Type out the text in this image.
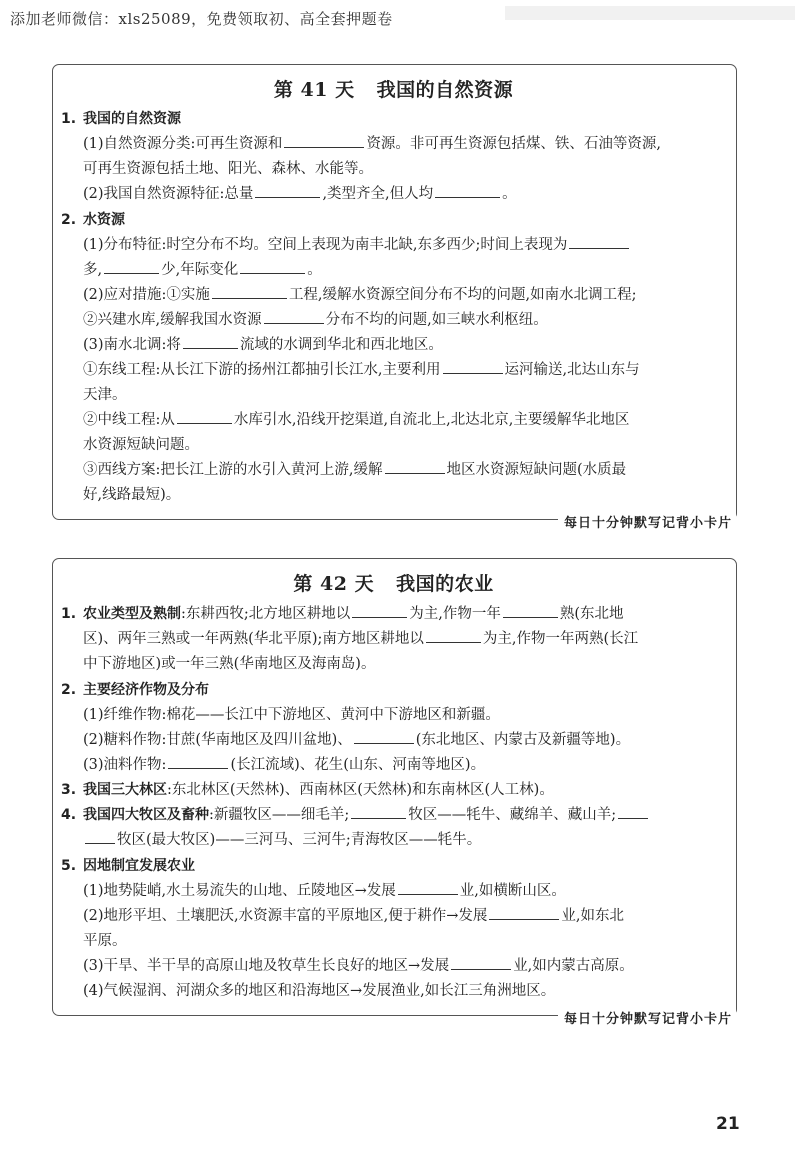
添加老师微信：xls25089，免费领取初、高全套押题卷
第 41 天 我国的自然资源
1. 我国的自然资源
(1)自然资源分类:可再生资源和	资源。非可再生资源包括煤、铁、石油等资源,
可再生资源包括土地、阳光、森林、水能等。
(2)我国自然资源特征:总量	,类型齐全,但人均	。
2. 水资源
(1)分布特征:时空分布不均。空间上表现为南丰北缺,东多西少;时间上表现为
多,	少,年际变化	。
(2)应对措施:①实施	工程,缓解水资源空间分布不均的问题,如南水北调工程;
②兴建水库,缓解我国水资源	分布不均的问题,如三峡水利枢纽。
(3)南水北调:将	流域的水调到华北和西北地区。
①东线工程:从长江下游的扬州江都抽引长江水,主要利用	运河输送,北达山东与
天津。
②中线工程:从	水库引水,沿线开挖渠道,自流北上,北达北京,主要缓解华北地区
水资源短缺问题。
③西线方案:把长江上游的水引入黄河上游,缓解	地区水资源短缺问题(水质最
好,线路最短)。
每日十分钟默写记背小卡片
第 42 天 我国的农业
1. 农业类型及熟制:东耕西牧;北方地区耕地以	为主,作物一年	熟(东北地
区)、两年三熟或一年两熟(华北平原);南方地区耕地以	为主,作物一年两熟(长江
中下游地区)或一年三熟(华南地区及海南岛)。
2. 主要经济作物及分布
(1)纤维作物:棉花——长江中下游地区、黄河中下游地区和新疆。
(2)糖料作物:甘蔗(华南地区及四川盆地)、	(东北地区、内蒙古及新疆等地)。
(3)油料作物:	(长江流域)、花生(山东、河南等地区)。
3. 我国三大林区:东北林区(天然林)、西南林区(天然林)和东南林区(人工林)。
4. 我国四大牧区及畜种:新疆牧区——细毛羊;	牧区——牦牛、藏绵羊、藏山羊;
牧区(最大牧区)——三河马、三河牛;青海牧区——牦牛。
5. 因地制宜发展农业
(1)地势陡峭,水土易流失的山地、丘陵地区→发展	业,如横断山区。
(2)地形平坦、土壤肥沃,水资源丰富的平原地区,便于耕作→发展	业,如东北
平原。
(3)干旱、半干旱的高原山地及牧草生长良好的地区→发展	业,如内蒙古高原。
(4)气候湿润、河湖众多的地区和沿海地区→发展渔业,如长江三角洲地区。
每日十分钟默写记背小卡片
21
